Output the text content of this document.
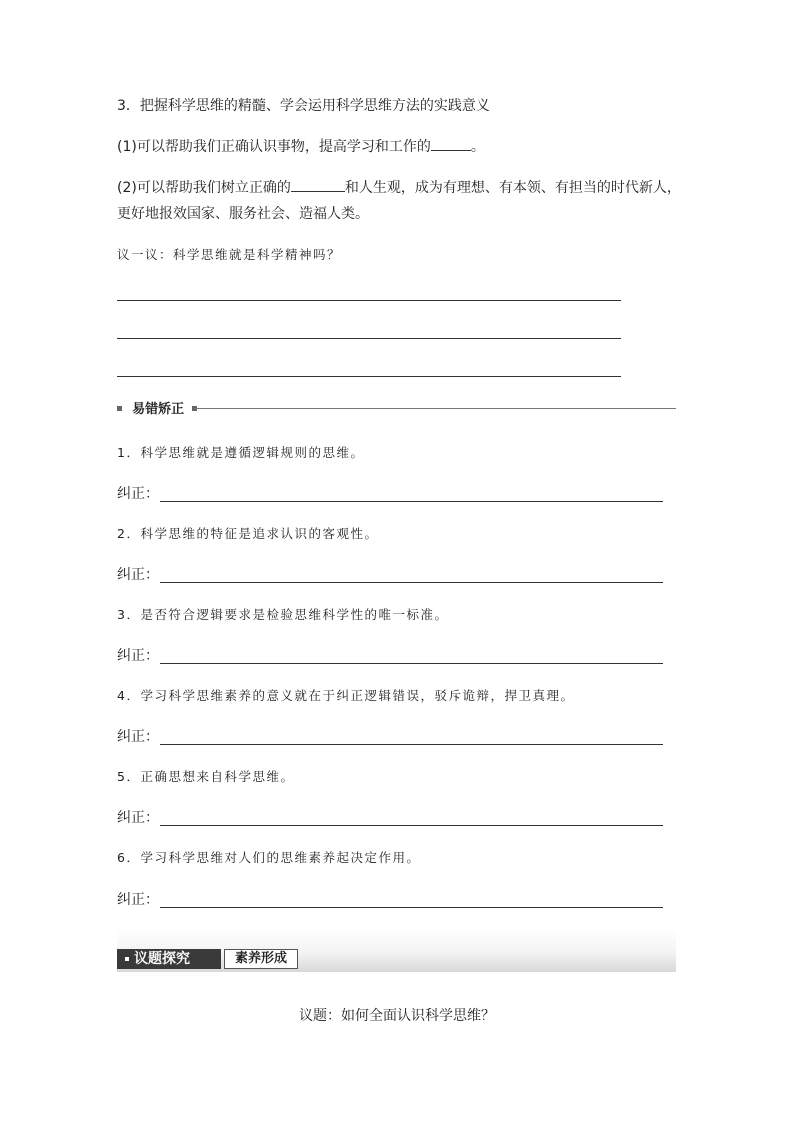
3．把握科学思维的精髓、学会运用科学思维方法的实践意义
(1)可以帮助我们正确认识事物，提高学习和工作的	。
(2)可以帮助我们树立正确的	和人生观，成为有理想、有本领、有担当的时代新人，
更好地报效国家、服务社会、造福人类。
议一议：科学思维就是科学精神吗？
易错矫正
1．科学思维就是遵循逻辑规则的思维。
纠正：
2．科学思维的特征是追求认识的客观性。
纠正：
3．是否符合逻辑要求是检验思维科学性的唯一标准。
纠正：
4．学习科学思维素养的意义就在于纠正逻辑错误，驳斥诡辩，捍卫真理。
纠正：
5．正确思想来自科学思维。
纠正：
6．学习科学思维对人们的思维素养起决定作用。
纠正：
议题探究	素养形成
议题：如何全面认识科学思维？
